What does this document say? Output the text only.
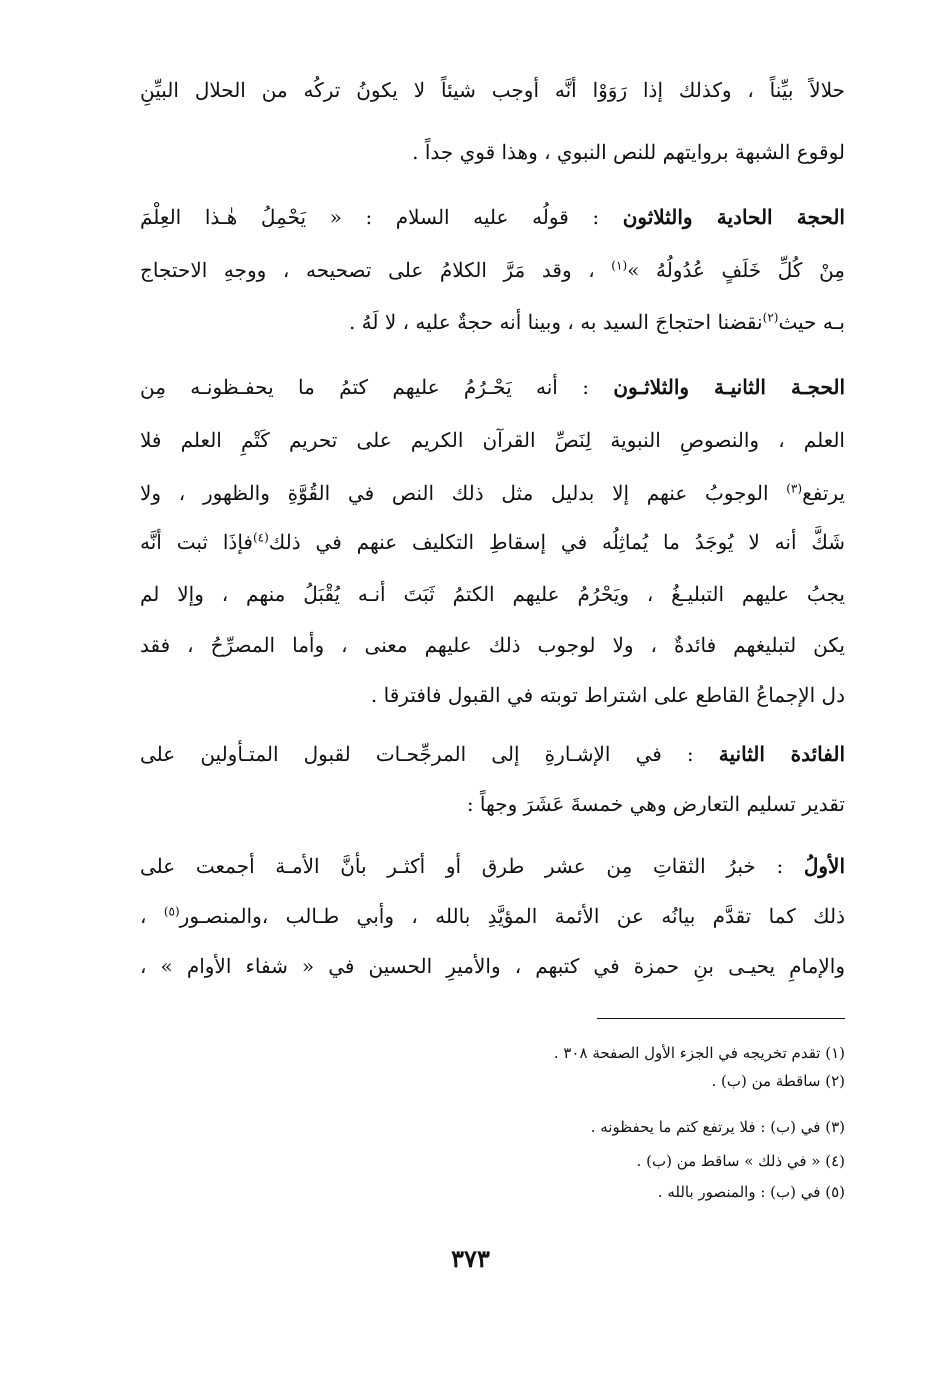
حلالاً بيِّناً ، وكذلك إذا رَوَوْا أنَّه أوجب شيئاً لا يكونُ تركُه من الحلال البيِّنِ
لوقوع الشبهة بروايتهم للنص النبوي ، وهذا قوي جداً .
الحجة الحادية والثلاثون : قولُه عليه السلام : « يَحْمِلُ هٰـذا العِلْمَ
مِنْ كُلِّ خَلَفٍ عُدُولُهُ »$^{(١)}$ ، وقد مَرَّ الكلامُ على تصحيحه ، ووجهِ الاحتجاج
بـه حيث$^{(٢)}$نقضنا احتجاجَ السيد به ، وبينا أنه حجةٌ عليه ، لا لَهُ .
الحجـة الثانيـة والثلاثـون : أنه يَحْـرُمُ عليهم كتمُ ما يحفـظونـه مِن
العلم ، والنصوصِ النبوية لِنَصِّ القرآن الكريم على تحريم كَتْمِ العلم فلا
يرتفع$^{(٣)}$ الوجوبُ عنهم إلا بدليل مثل ذلك النص في القُوَّةِ والظهور ، ولا
شَكَّ أنه لا يُوجَدُ ما يُماثِلُه في إسقاطِ التكليف عنهم في ذلك$^{(٤)}$فإذَا ثبت أنَّه
يجبُ عليهم التبليـغُ ، ويَحْرُمُ عليهم الكتمُ ثَبَتَ أنـه يُقْبَلُ منهم ، وإلا لم
يكن لتبليغهم فائدةٌ ، ولا لوجوب ذلك عليهم معنى ، وأما المصرِّحُ ، فقد
دل الإجماعُ القاطع على اشتراط توبته في القبول فافترقا .
الفائدة الثانية : في الإشـارةِ إلى المرجِّحـات لقبول المتـأولين على
تقدير تسليم التعارض وهي خمسةَ عَشَرَ وجهاً :
الأولُ : خبرُ الثقاتِ مِن عشر طرق أو أكثـر بأنَّ الأمـة أجمعت على
ذلك كما تقدَّم بيانُه عن الأئمة المؤيَّدِ بالله ، وأبي طـالب ،والمنصـور$^{(٥)}$ ،
والإمامِ يحيـى بنِ حمزة في كتبهم ، والأميرِ الحسين في « شفاء الأوام » ،
(١) تقدم تخريجه في الجزء الأول الصفحة ٣٠٨ .
(٢) ساقطة من (ب) .
(٣) في (ب) : فلا يرتفع كتم ما يحفظونه .
(٤) « في ذلك » ساقط من (ب) .
(٥) في (ب) : والمنصور بالله .
٣٧٣
